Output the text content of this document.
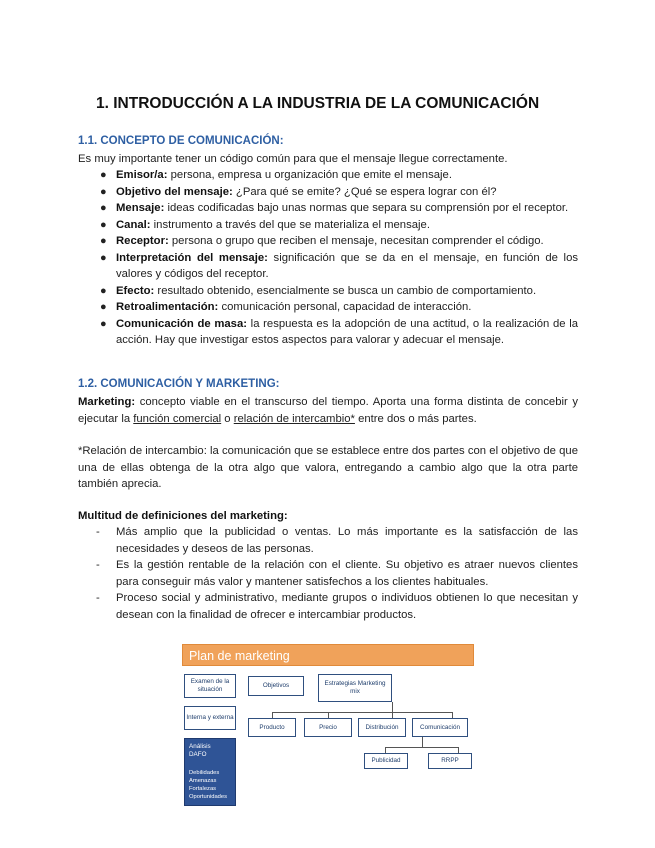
1. INTRODUCCIÓN A LA INDUSTRIA DE LA COMUNICACIÓN
1.1. CONCEPTO DE COMUNICACIÓN:
Es muy importante tener un código común para que el mensaje llegue correctamente.
● Emisor/a: persona, empresa u organización que emite el mensaje.
● Objetivo del mensaje: ¿Para qué se emite? ¿Qué se espera lograr con él?
● Mensaje: ideas codificadas bajo unas normas que separa su comprensión por el receptor.
● Canal: instrumento a través del que se materializa el mensaje.
● Receptor: persona o grupo que reciben el mensaje, necesitan comprender el código.
● Interpretación del mensaje: significación que se da en el mensaje, en función de los valores y códigos del receptor.
● Efecto: resultado obtenido, esencialmente se busca un cambio de comportamiento.
● Retroalimentación: comunicación personal, capacidad de interacción.
● Comunicación de masa: la respuesta es la adopción de una actitud, o la realización de la acción. Hay que investigar estos aspectos para valorar y adecuar el mensaje.
1.2. COMUNICACIÓN Y MARKETING:
Marketing: concepto viable en el transcurso del tiempo. Aporta una forma distinta de concebir y ejecutar la función comercial o relación de intercambio* entre dos o más partes.
*Relación de intercambio: la comunicación que se establece entre dos partes con el objetivo de que una de ellas obtenga de la otra algo que valora, entregando a cambio algo que la otra parte también aprecia.
Multitud de definiciones del marketing:
- Más amplio que la publicidad o ventas. Lo más importante es la satisfacción de las necesidades y deseos de las personas.
- Es la gestión rentable de la relación con el cliente. Su objetivo es atraer nuevos clientes para conseguir más valor y mantener satisfechos a los clientes habituales.
- Proceso social y administrativo, mediante grupos o individuos obtienen lo que necesitan y desean con la finalidad de ofrecer e intercambiar productos.
Plan de marketing
Examen de la situación
Objetivos	Estrategias Marketing mix
Interna y externa
Producto	Precio	Distribución	Comunicación
Análisis DAFO
Debilidades Amenazas Fortalezas Oportunidades
Publicidad	RRPP
